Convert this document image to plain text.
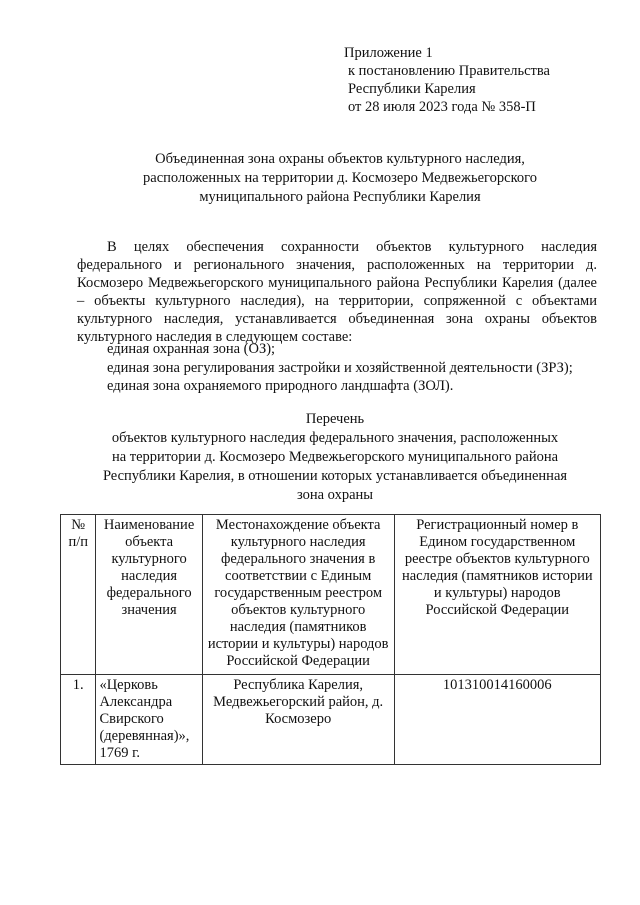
Приложение 1
к постановлению Правительства
Республики Карелия
от 28 июля 2023 года № 358-П
Объединенная зона охраны объектов культурного наследия,
расположенных на территории д. Космозеро Медвежьегорского
муниципального района Республики Карелия

В целях обеспечения сохранности объектов культурного наследия федерального и регионального значения, расположенных на территории д. Космозеро Медвежьегорского муниципального района Республики Карелия (далее – объекты культурного наследия), на территории, сопряженной с объектами культурного наследия, устанавливается объединенная зона охраны объектов культурного наследия в следующем составе:

единая охранная зона (ОЗ);
единая зона регулирования застройки и хозяйственной деятельности (ЗРЗ);
единая зона охраняемого природного ландшафта (ЗОЛ).
Перечень
объектов культурного наследия федерального значения, расположенных
на территории д. Космозеро Медвежьегорского муниципального района
Республики Карелия, в отношении которых устанавливается объединенная
зона охраны
№ п/п	Наименование объекта культурного наследия федерального значения	Местонахождение объекта культурного наследия федерального значения в соответствии с Единым государственным реестром объектов культурного наследия (памятников истории и культуры) народов Российской Федерации	Регистрационный номер в Едином государственном реестре объектов культурного наследия (памятников истории и культуры) народов Российской Федерации
1.	«Церковь Александра Свирского (деревянная)», 1769 г.	Республика Карелия, Медвежьегорский район, д. Космозеро	101310014160006
